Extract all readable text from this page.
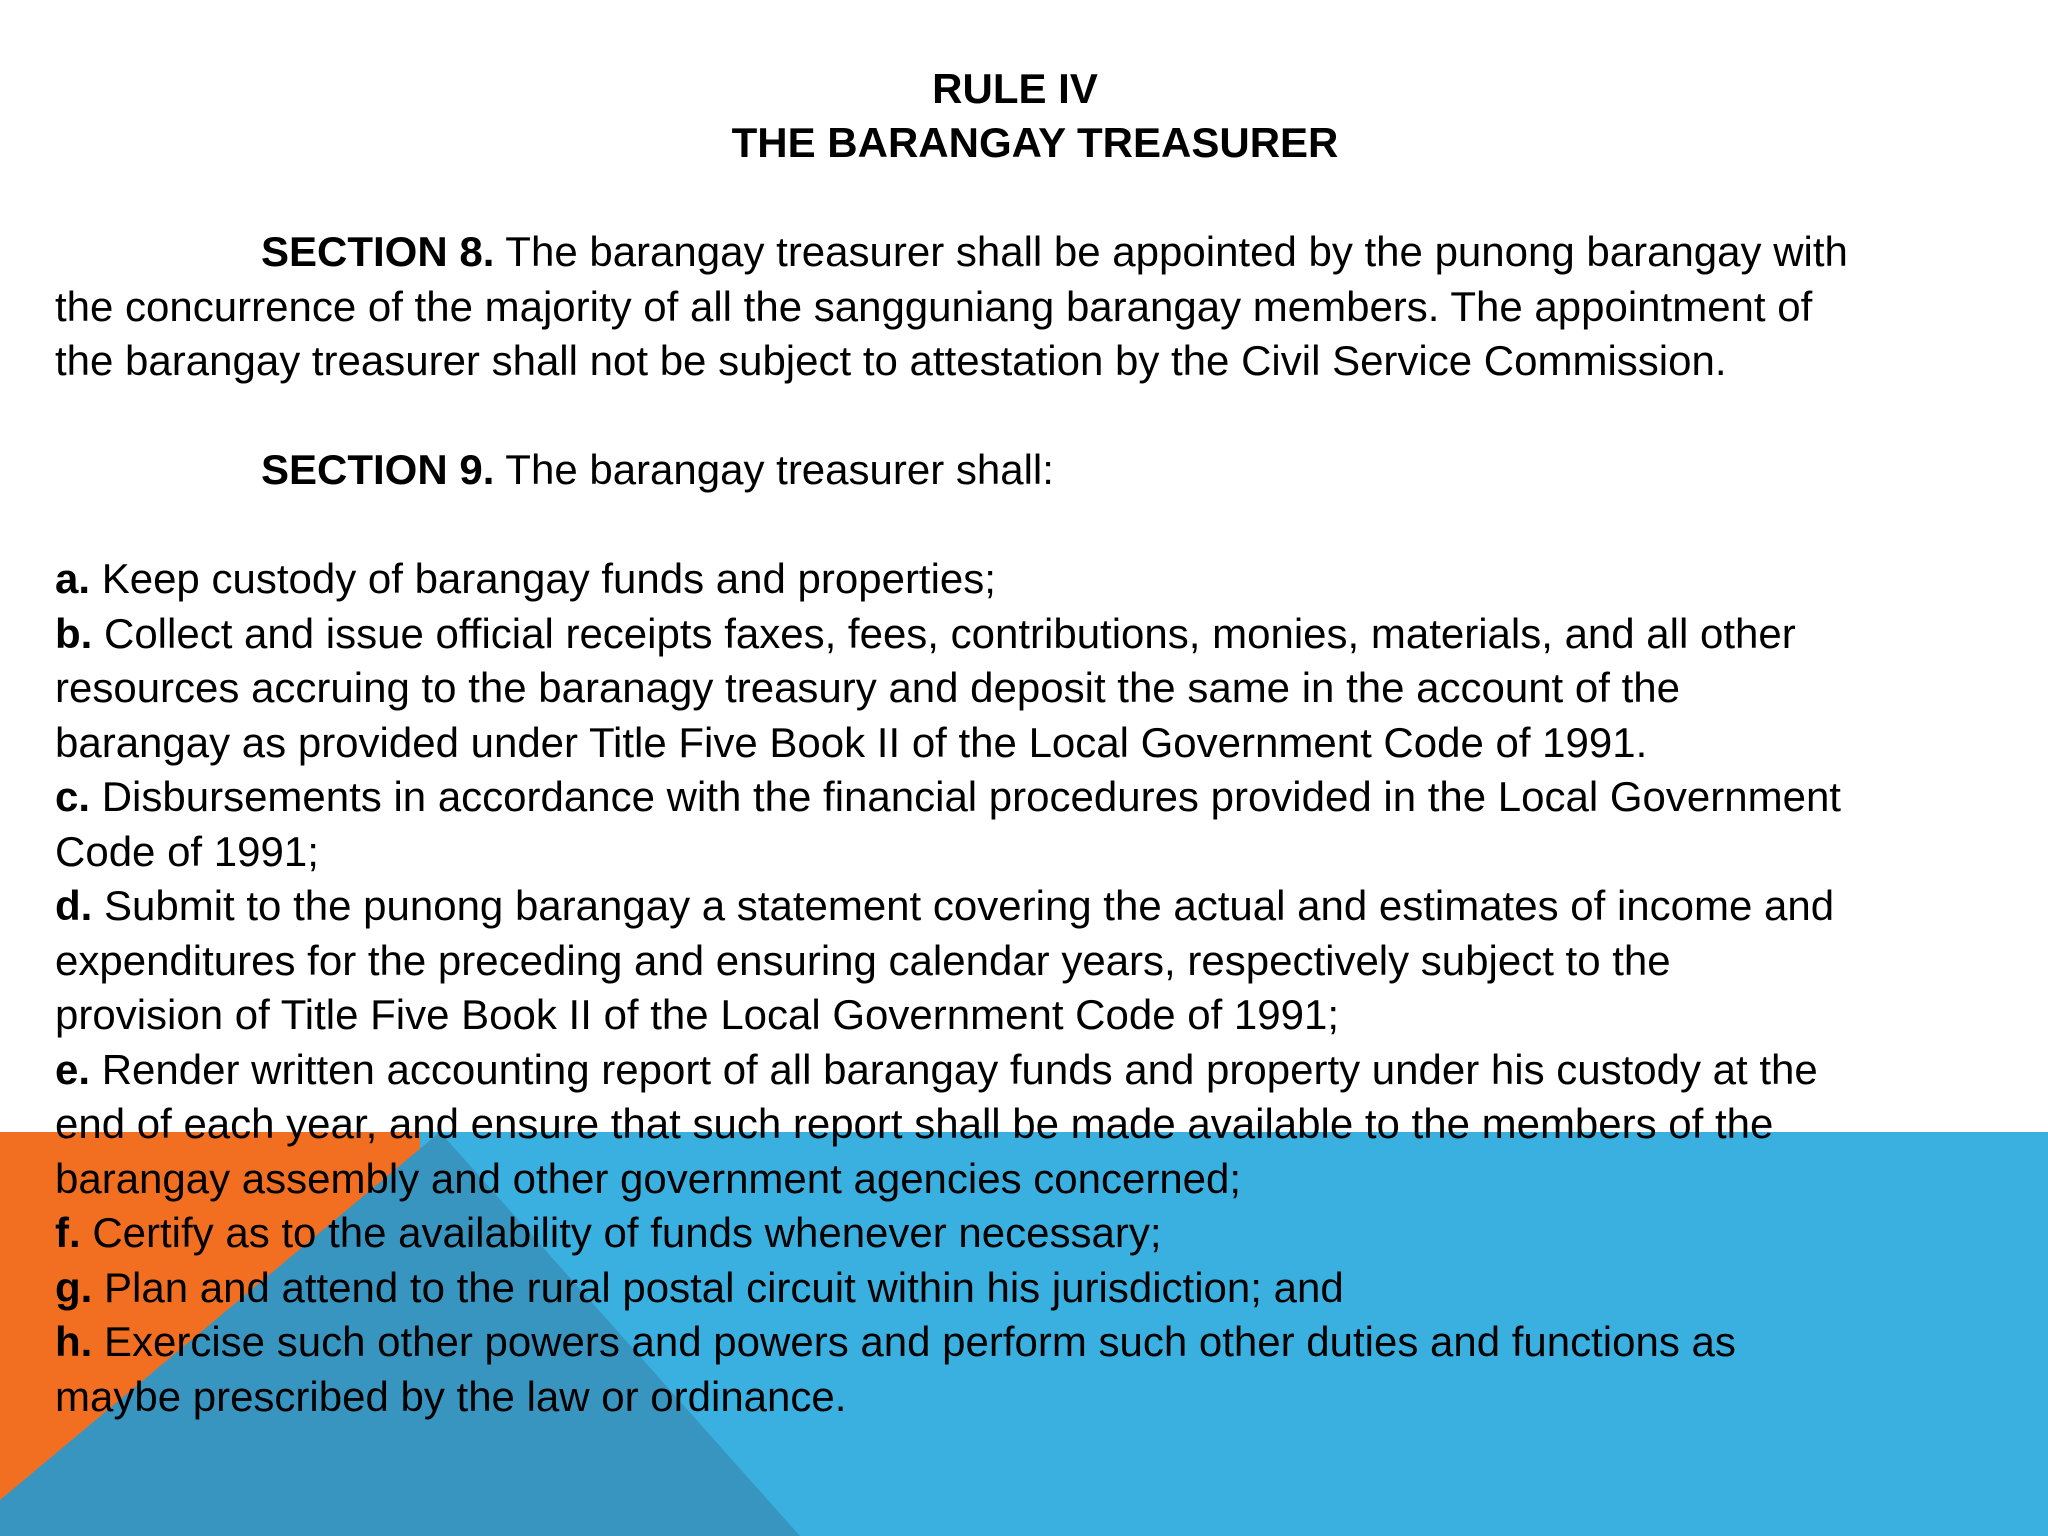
RULE IV
THE BARANGAY TREASURER
SECTION 8. The barangay treasurer shall be appointed by the punong barangay with
the concurrence of the majority of all the sangguniang barangay members. The appointment of
the barangay treasurer shall not be subject to attestation by the Civil Service Commission.
SECTION 9. The barangay treasurer shall:
a. Keep custody of barangay funds and properties;
b. Collect and issue official receipts faxes, fees, contributions, monies, materials, and all other
resources accruing to the baranagy treasury and deposit the same in the account of the
barangay as provided under Title Five Book II of the Local Government Code of 1991.
c. Disbursements in accordance with the financial procedures provided in the Local Government
Code of 1991;
d. Submit to the punong barangay a statement covering the actual and estimates of income and
expenditures for the preceding and ensuring calendar years, respectively subject to the
provision of Title Five Book II of the Local Government Code of 1991;
e. Render written accounting report of all barangay funds and property under his custody at the
end of each year, and ensure that such report shall be made available to the members of the
barangay assembly and other government agencies concerned;
f. Certify as to the availability of funds whenever necessary;
g. Plan and attend to the rural postal circuit within his jurisdiction; and
h. Exercise such other powers and powers and perform such other duties and functions as
maybe prescribed by the law or ordinance.
